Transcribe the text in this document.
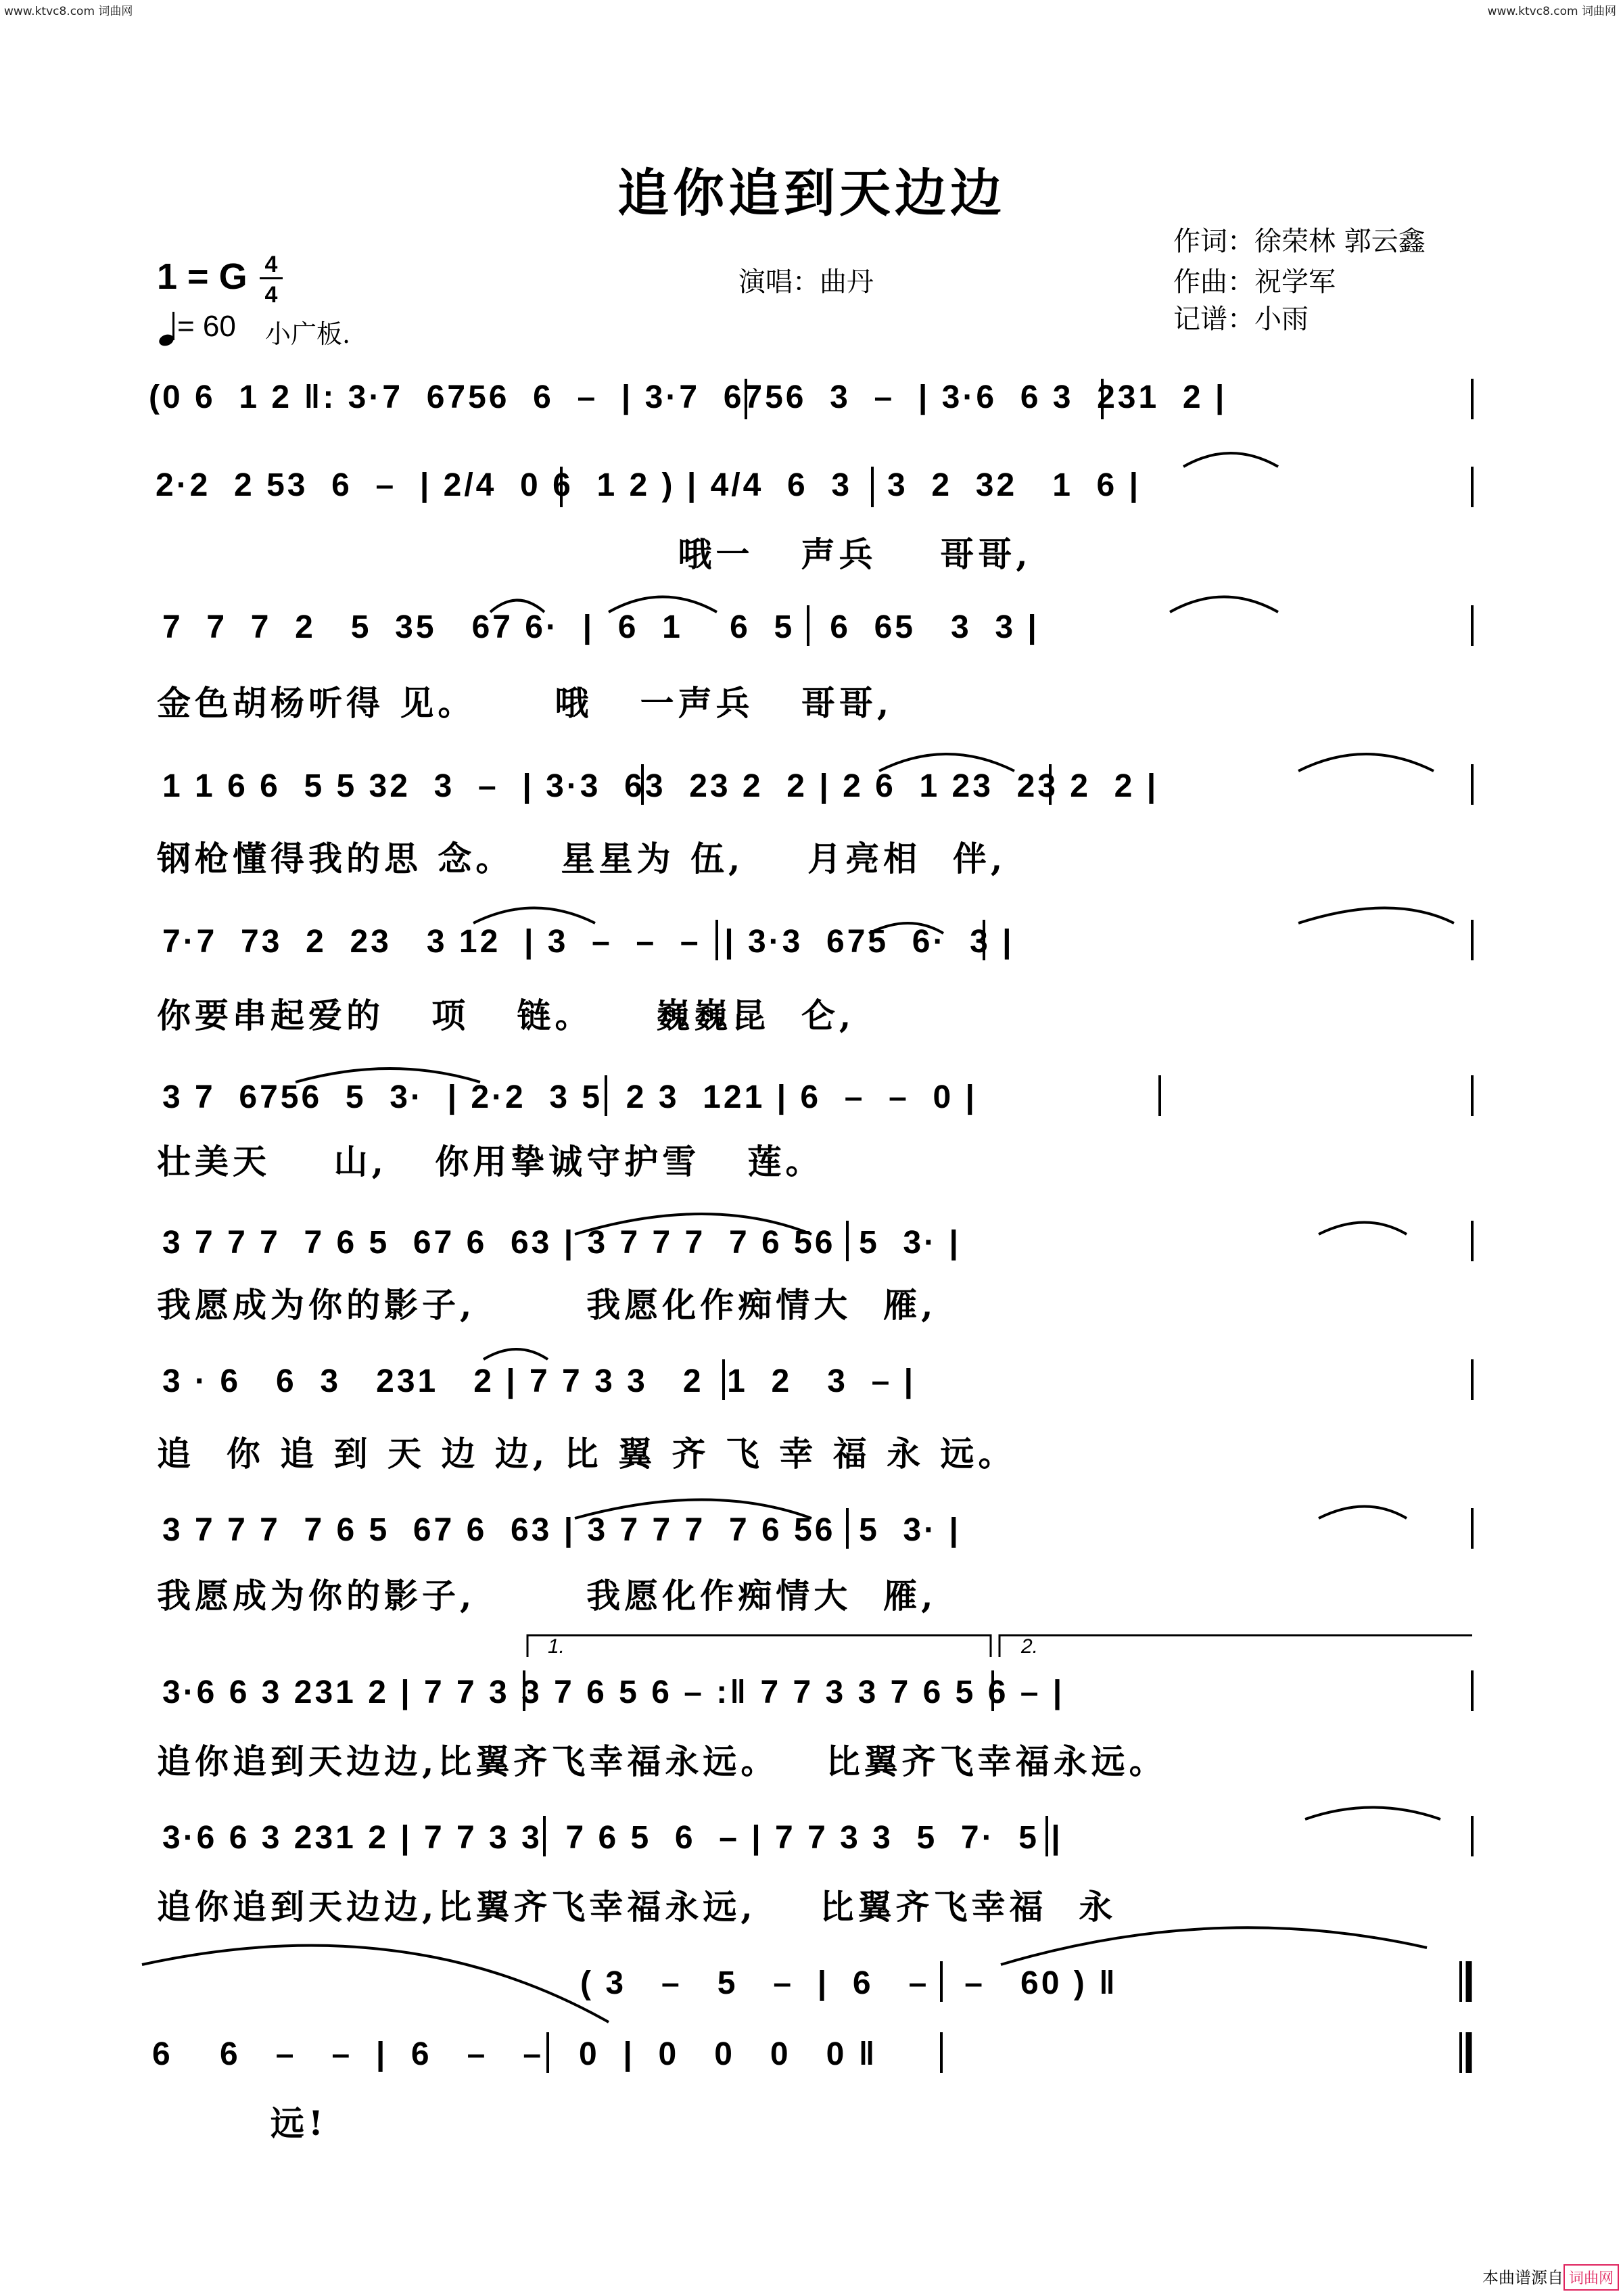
www.ktvc8.com 词曲网	www.ktvc8.com 词曲网
追你追到天边边
1 = G 4
4
= 60 小广板.
演唱：曲丹
作词：徐荣林 郭云鑫
作曲：祝学军
记谱：小雨
(0 6  1 2 ‖: 3·7  6756  6  –  | 3·7  6756  3  –  | 3·6  6 3  231  2 |
2·2  2 53  6  –  | 2/4  0 6  1 2 ) | 4/4  6  3   3  2  32   1  6 |
哦一   声兵    哥哥,
7  7  7  2   5  35   67 6·  |  6  1    6  5   6  65   3  3 |
金色胡杨听得 见。     哦   一声兵   哥哥,
1 1 6 6  5 5 32  3  –  | 3·3  63  23 2  2 | 2 6  1 23  23 2  2 |
钢枪懂得我的思 念。   星星为 伍,    月亮相  伴,
7·7  73  2  23   3 12  | 3  –  –  –  | 3·3  675  6·  3 |
你要串起爱的   项   链。    巍巍昆  仑,
3 7  6756  5  3·  | 2·2  3 5  2 3  121 | 6  –  –  0 |
壮美天    山,   你用挚诚守护雪   莲。
3 7 7 7  7 6 5  67 6  63 | 3 7 7 7  7 6 56  5  3· |
我愿成为你的影子,       我愿化作痴情大  雁,
3 · 6   6  3   231   2 | 7 7 3 3   2  1  2   3  – |
追  你 追 到 天 边 边, 比 翼 齐 飞 幸 福 永 远。
3 7 7 7  7 6 5  67 6  63 | 3 7 7 7  7 6 56  5  3· |
我愿成为你的影子,       我愿化作痴情大  雁,
1.	2.
3·6 6 3 231 2 | 7 7 3 3 7 6 5 6 – :‖ 7 7 3 3 7 6 5 6 – |
追你追到天边边,比翼齐飞幸福永远。   比翼齐飞幸福永远。
3·6 6 3 231 2 | 7 7 3 3  7 6 5  6  – | 7 7 3 3  5  7·  5 |
追你追到天边边,比翼齐飞幸福永远,    比翼齐飞幸福  永
( 3   –   5   –  |  6   –   –   60 ) ‖
6    6   –   –  |  6   –   –   0  |  0   0   0   0 ‖
远!
本曲谱源自 词曲网
